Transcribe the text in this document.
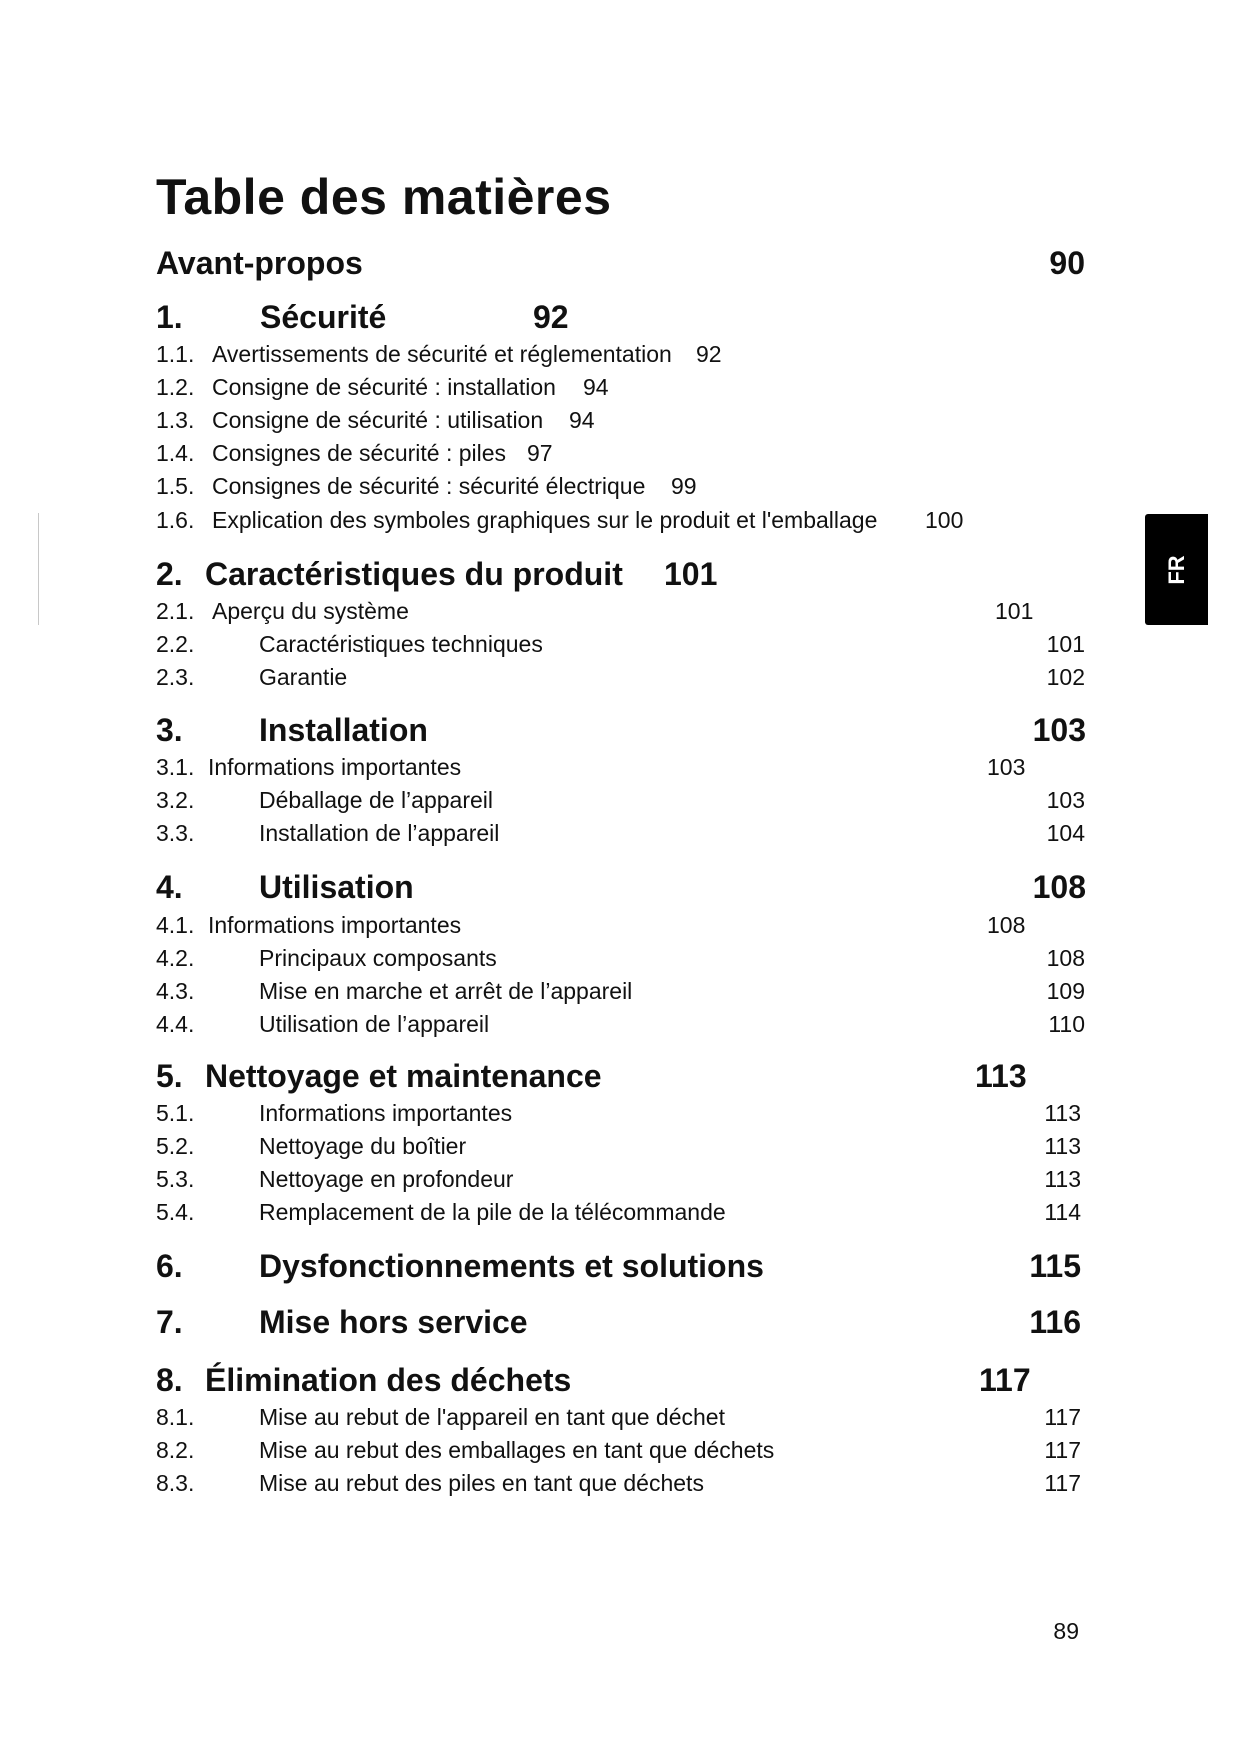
FR
Table des matières
Avant-propos	90
1. Sécurité	92
1.1. Avertissements de sécurité et réglementation 92
1.2. Consigne de sécurité : installation 94
1.3. Consigne de sécurité : utilisation 94
1.4. Consignes de sécurité : piles 97
1.5. Consignes de sécurité : sécurité électrique 99
1.6. Explication des symboles graphiques sur le produit et l'emballage 100
2. Caractéristiques du produit 101
2.1. Aperçu du système	101
2.2.	Caractéristiques techniques	101
2.3.	Garantie	102
3. Installation	103
3.1. Informations importantes	103
3.2.	Déballage de l’appareil	103
3.3.	Installation de l’appareil	104
4. Utilisation	108
4.1. Informations importantes	108
4.2.	Principaux composants	108
4.3.	Mise en marche et arrêt de l’appareil	109
4.4.	Utilisation de l’appareil	110
5. Nettoyage et maintenance	113
5.1.	Informations importantes	113
5.2.	Nettoyage du boîtier	113
5.3.	Nettoyage en profondeur	113
5.4.	Remplacement de la pile de la télécommande	114
6. Dysfonctionnements et solutions	115
7. Mise hors service	116
8. Élimination des déchets	117
8.1.	Mise au rebut de l'appareil en tant que déchet	117
8.2.	Mise au rebut des emballages en tant que déchets	117
8.3.	Mise au rebut des piles en tant que déchets	117
89
